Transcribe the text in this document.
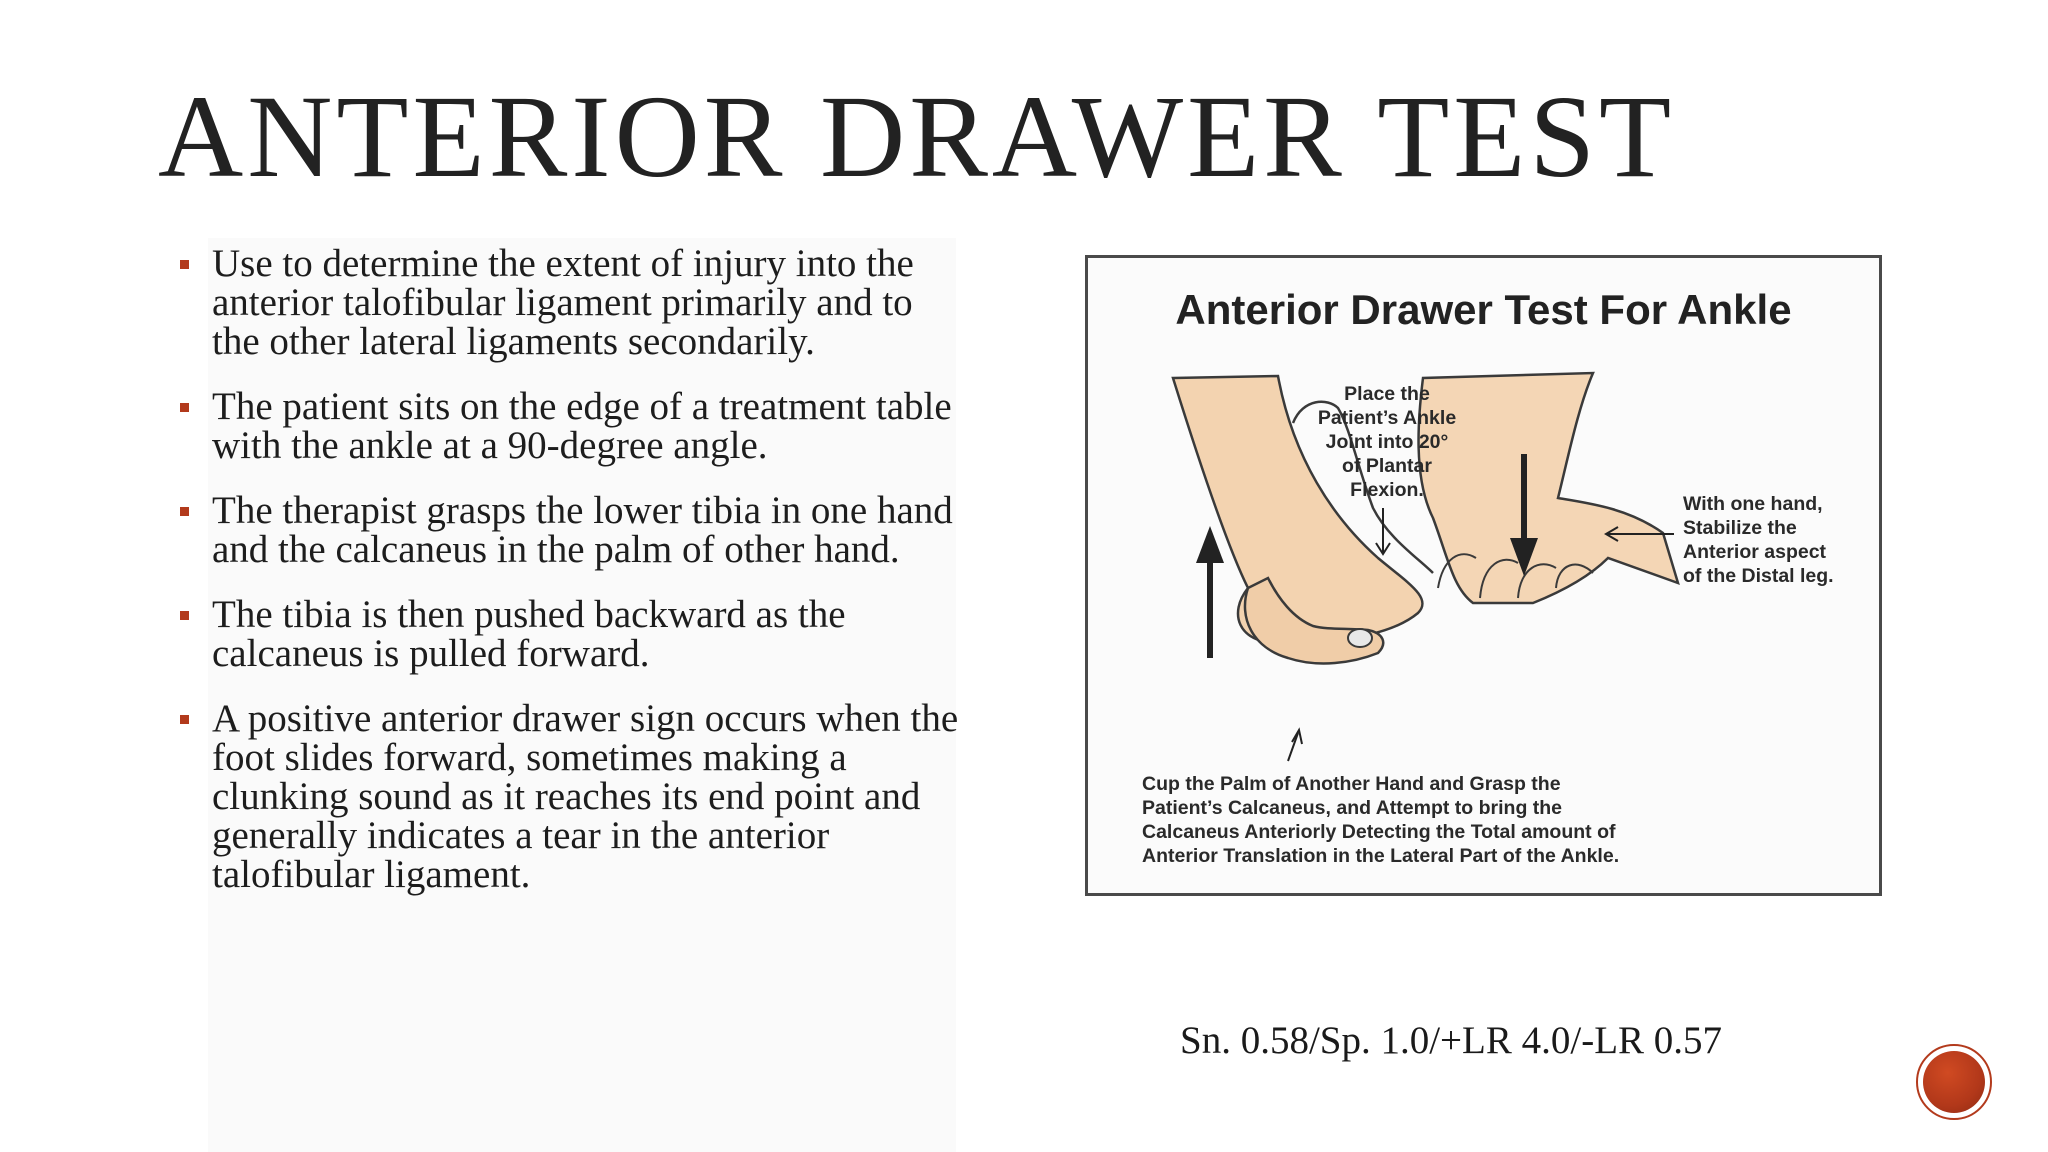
ANTERIOR DRAWER TEST
Use to determine the extent of injury into the anterior talofibular ligament primarily and to the other lateral ligaments secondarily.
The patient sits on the edge of a treatment table with the ankle at a 90-degree angle.
The therapist grasps the lower tibia in one hand and the calcaneus in the palm of other hand.
The tibia is then pushed backward as the calcaneus is pulled forward.
A positive anterior drawer sign occurs when the foot slides forward, sometimes making a clunking sound as it reaches its end point and generally indicates a tear in the anterior talofibular ligament.
Anterior Drawer Test For Ankle
Place the
Patient’s Ankle
Joint into 20°
of Plantar
Flexion.
With one hand,
Stabilize the
Anterior aspect
of the Distal leg.
Cup the Palm of Another Hand and Grasp the
Patient’s Calcaneus, and Attempt to bring the
Calcaneus Anteriorly Detecting the Total amount of
Anterior Translation in the Lateral Part of the Ankle.
Sn. 0.58/Sp. 1.0/+LR 4.0/-LR 0.57
